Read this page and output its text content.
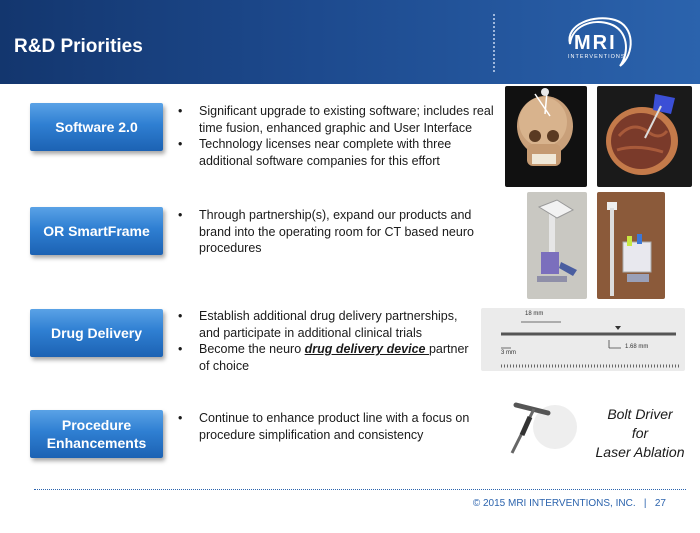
R&D Priorities	MRI
INTERVENTIONS
Software 2.0
• Significant upgrade to existing software; includes real time fusion, enhanced graphic and User Interface
• Technology licenses near complete with three additional software companies for this effort
OR SmartFrame
• Through partnership(s), expand our products and brand into the operating room for CT based neuro procedures
Drug Delivery
• Establish additional drug delivery partnerships, and participate in additional clinical trials
• Become the neuro drug delivery device partner of choice
18 mm
1.68 mm
3 mm
Procedure
Enhancements
• Continue to enhance product line with a focus on procedure simplification and consistency
Bolt Driver
for
Laser Ablation
© 2015 MRI INTERVENTIONS, INC.   |   27
